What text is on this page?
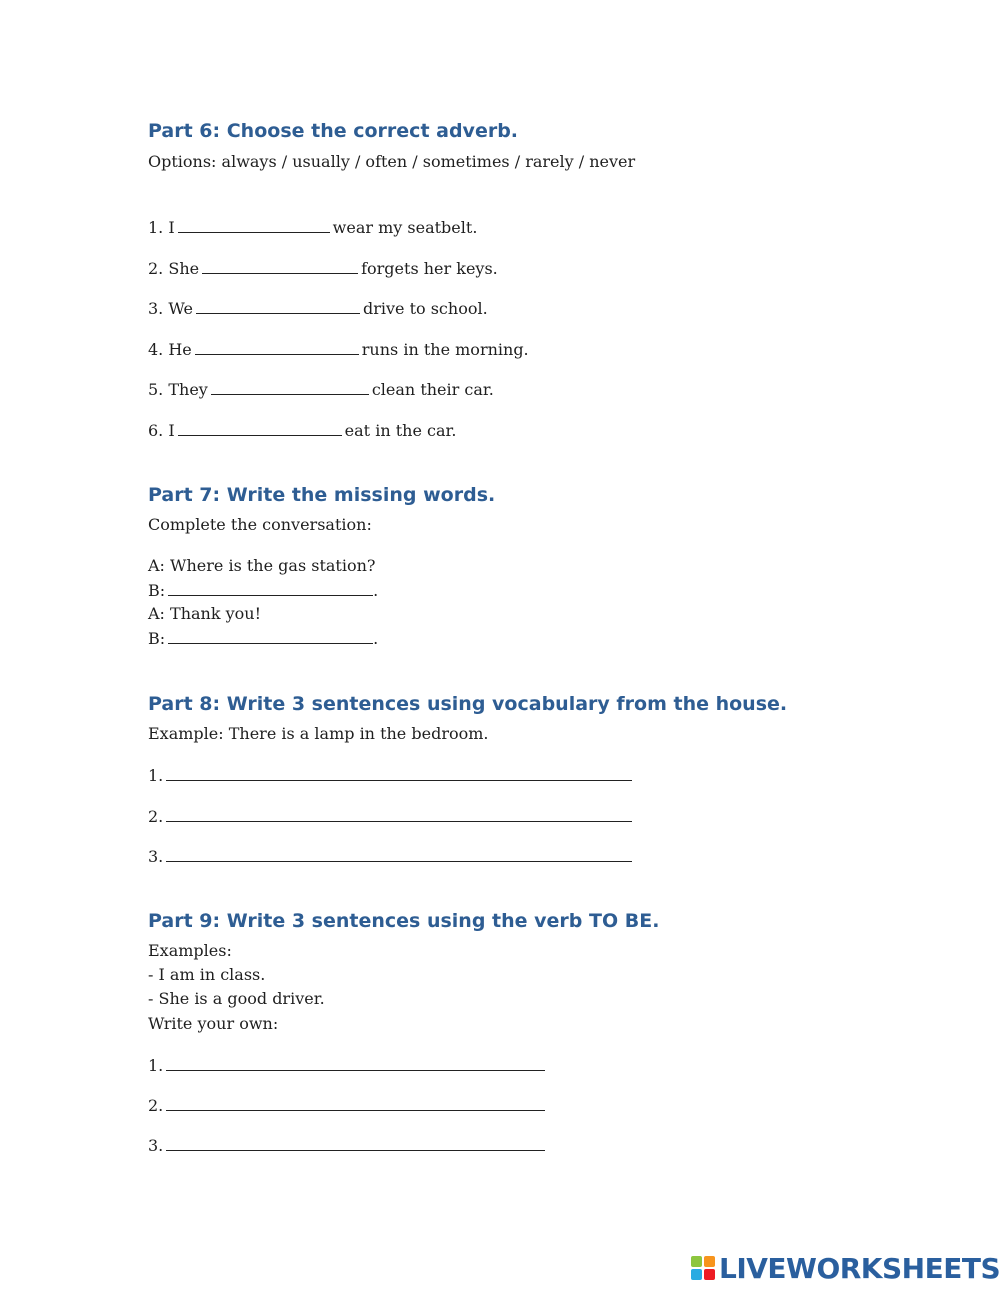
Part 6: Choose the correct adverb.
Options: always / usually / often / sometimes / rarely / never
1. I	wear my seatbelt.
2. She	forgets her keys.
3. We	drive to school.
4. He	runs in the morning.
5. They	clean their car.
6. I	eat in the car.
Part 7: Write the missing words.
Complete the conversation:
A: Where is the gas station?
B:	.
A: Thank you!
B:	.
Part 8: Write 3 sentences using vocabulary from the house.
Example: There is a lamp in the bedroom.
1.
2.
3.
Part 9: Write 3 sentences using the verb TO BE.
Examples:
- I am in class.
- She is a good driver.
Write your own:
1.
2.
3.
LIVEWORKSHEETS
